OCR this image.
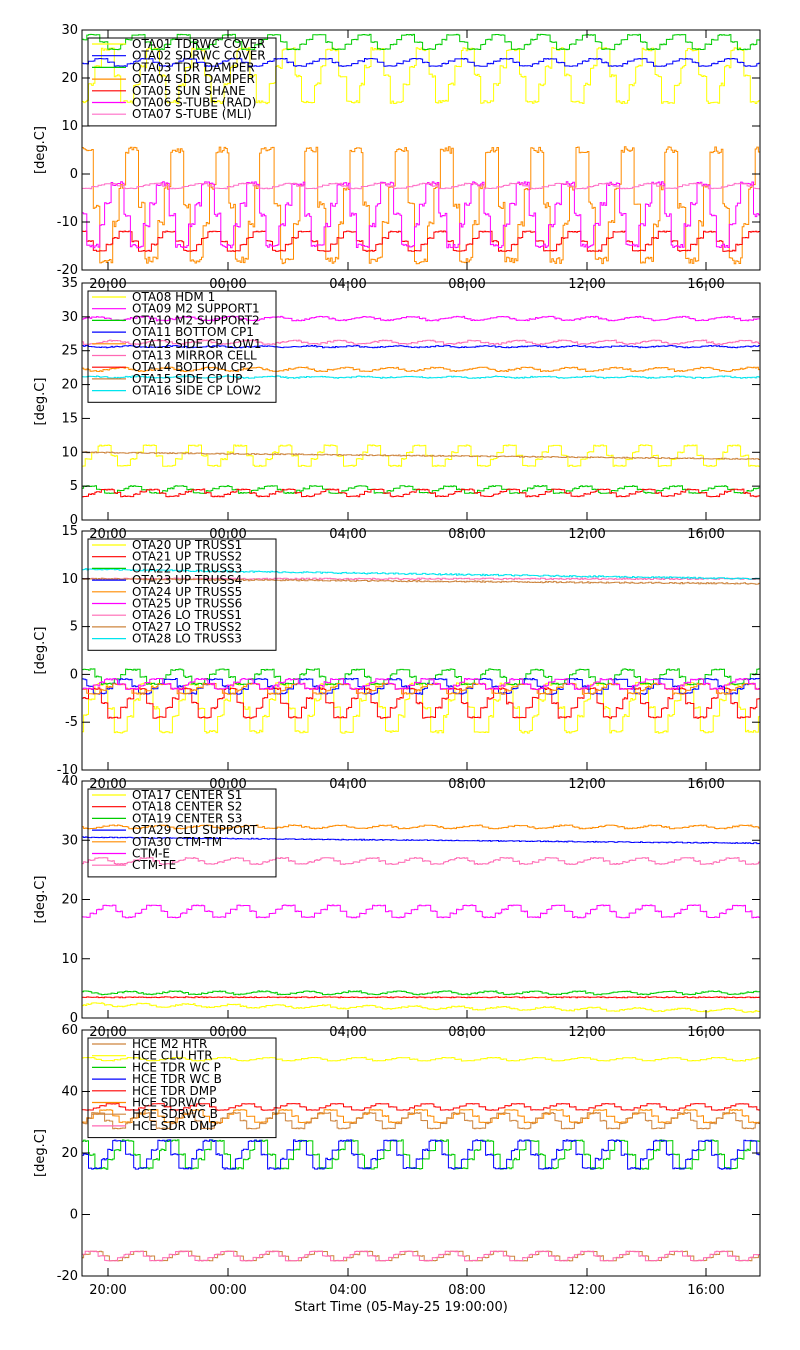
-20
-10
0
10
20
30
20:00	00:00	04:00	08:00	12:00	16:00
[deg.C]
OTA01 TDRWC COVER
OTA02 SDRWC COVER
OTA03 TDR DAMPER
OTA04 SDR DAMPER
OTA05 SUN SHANE
OTA06 S-TUBE (RAD)
OTA07 S-TUBE (MLI)
0
5
10
15
20
25
30
35
20:00	00:00	04:00	08:00	12:00	16:00
[deg.C]
OTA08 HDM 1
OTA09 M2 SUPPORT1
OTA10 M2 SUPPORT2
OTA11 BOTTOM CP1
OTA12 SIDE CP LOW1
OTA13 MIRROR CELL
OTA14 BOTTOM CP2
OTA15 SIDE CP UP
OTA16 SIDE CP LOW2
-10
-5
0
5
10
15
20:00	00:00	04:00	08:00	12:00	16:00
[deg.C]
OTA20 UP TRUSS1
OTA21 UP TRUSS2
OTA22 UP TRUSS3
OTA23 UP TRUSS4
OTA24 UP TRUSS5
OTA25 UP TRUSS6
OTA26 LO TRUSS1
OTA27 LO TRUSS2
OTA28 LO TRUSS3
0
10
20
30
40
20:00	00:00	04:00	08:00	12:00	16:00
[deg.C]
OTA17 CENTER S1
OTA18 CENTER S2
OTA19 CENTER S3
OTA29 CLU SUPPORT
OTA30 CTM-TM
CTM-E
CTM-TE
-20
0
20
40
60
20:00	00:00	04:00	08:00	12:00	16:00
[deg.C]
HCE M2 HTR
HCE CLU HTR
HCE TDR WC P
HCE TDR WC B
HCE TDR DMP
HCE SDRWC P
HCE SDRWC B
HCE SDR DMP
Start Time (05-May-25 19:00:00)
